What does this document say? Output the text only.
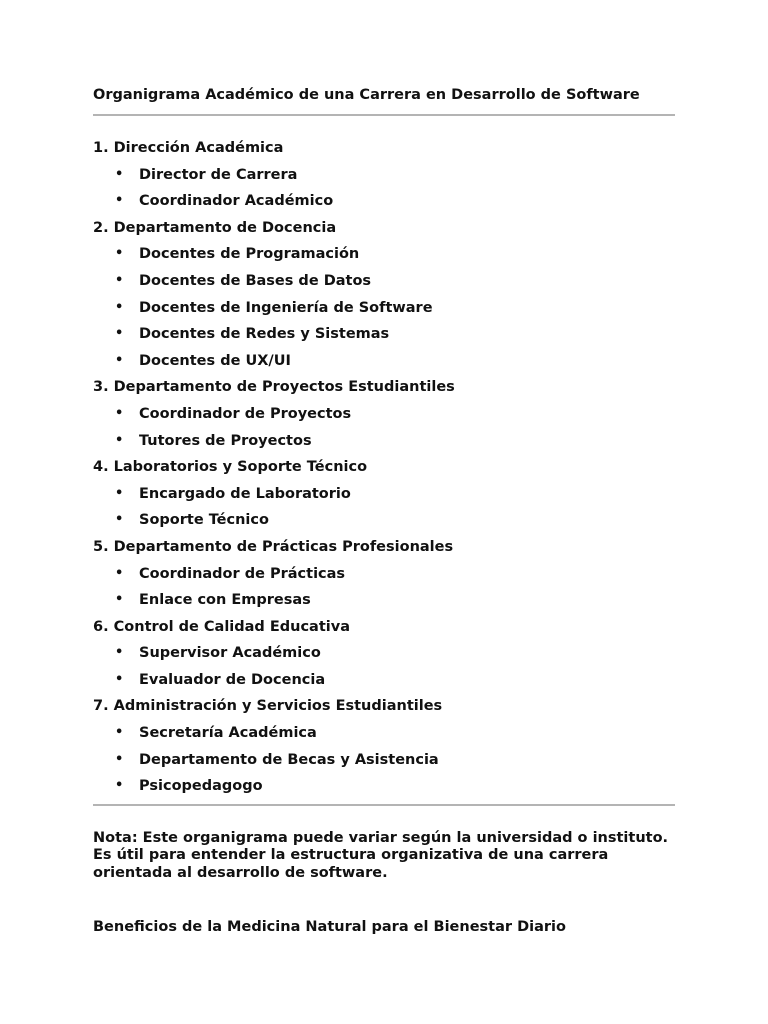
Organigrama Académico de una Carrera en Desarrollo de Software
1. Dirección Académica
• Director de Carrera
• Coordinador Académico
2. Departamento de Docencia
• Docentes de Programación
• Docentes de Bases de Datos
• Docentes de Ingeniería de Software
• Docentes de Redes y Sistemas
• Docentes de UX/UI
3. Departamento de Proyectos Estudiantiles
• Coordinador de Proyectos
• Tutores de Proyectos
4. Laboratorios y Soporte Técnico
• Encargado de Laboratorio
• Soporte Técnico
5. Departamento de Prácticas Profesionales
• Coordinador de Prácticas
• Enlace con Empresas
6. Control de Calidad Educativa
• Supervisor Académico
• Evaluador de Docencia
7. Administración y Servicios Estudiantiles
• Secretaría Académica
• Departamento de Becas y Asistencia
• Psicopedagogo

Nota: Este organigrama puede variar según la universidad o instituto.

Es útil para entender la estructura organizativa de una carrera

orientada al desarrollo de software.

Beneficios de la Medicina Natural para el Bienestar Diario
